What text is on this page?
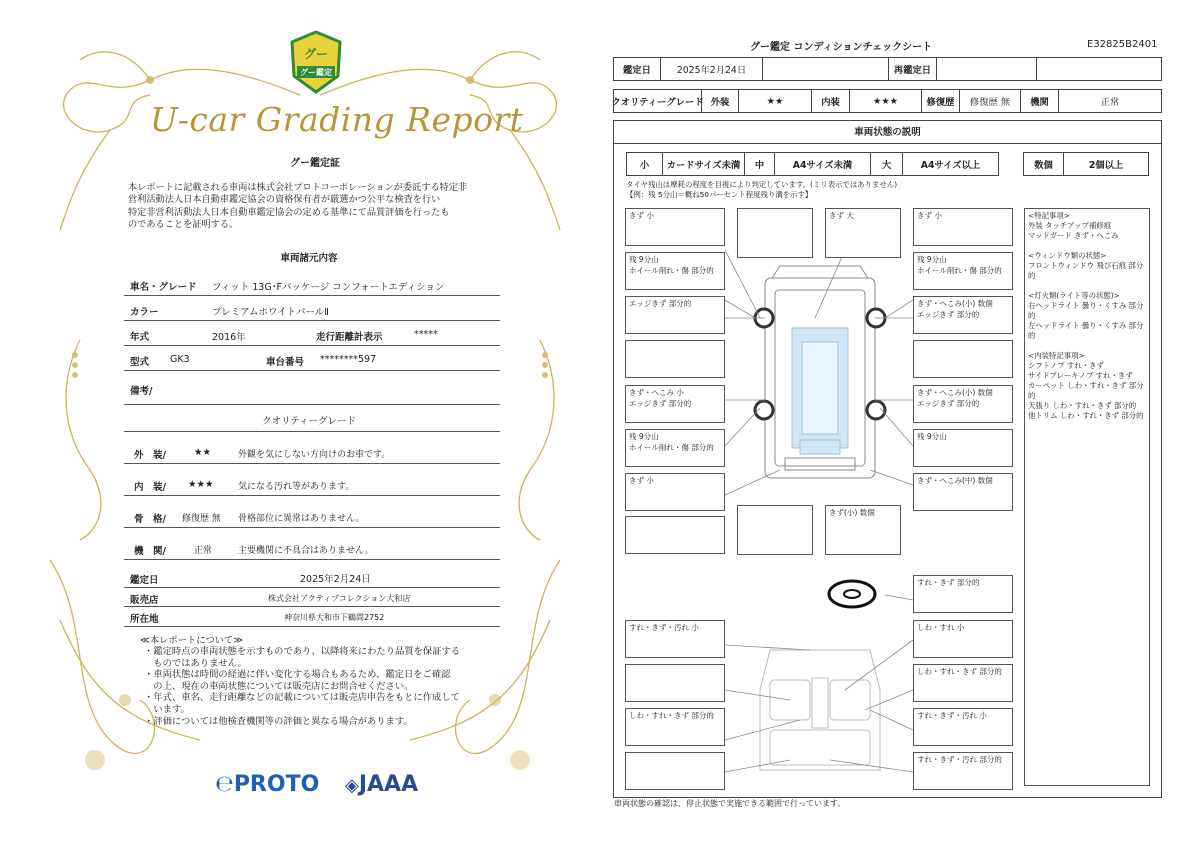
グー
グー鑑定
U-car Grading Report
グー鑑定証
本レポートに記載される車両は株式会社プロトコーポレーションが委託する特定非
営利活動法人日本自動車鑑定協会の資格保有者が厳選かつ公平な検査を行い
特定非営利活動法人日本自動車鑑定協会の定める基準にて品質評価を行ったも
のであることを証明する。
車両諸元内容
車名・グレード フィット 13G･Fパッケージ コンフォートエディション
カラー	プレミアムホワイトパールⅡ
年式	2016年	走行距離計表示	*****
型式 GK3	車台番号 ********597
備考/
クオリティーグレード
外　装/	★★	外観を気にしない方向けのお車です。
内　装/ ★★★	気になる汚れ等があります。
骨　格/ 修復歴 無 骨格部位に異常はありません。
機　関/	正常	主要機関に不具合はありません。
鑑定日	2025年2月24日
販売店	株式会社アクティブコレクション大和店
所在地	神奈川県大和市下鶴間2752
≪本レポートについて≫
・鑑定時点の車両状態を示すものであり、以降将来にわたり品質を保証する
　ものではありません。
・車両状態は時間の経過に伴い変化する場合もあるため、鑑定日をご確認
　の上、現在の車両状態については販売店にお問合せください。
・年式、車名、走行距離などの記載については販売店申告をもとに作成して
　います。
・評価については他検査機関等の評価と異なる場合があります。
℮PROTO ◈JAAA
グー鑑定 コンディションチェックシート	E32825B2401
鑑定日	2025年2月24日	再鑑定日
クオリティーグレード 外装	★★	内装	★★★	修復歴	修復歴 無	機関	正常
車両状態の説明
小	カードサイズ未満	中	A4サイズ未満	大	A4サイズ以上	数個	2個以上
タイヤ残山は摩耗の程度を目視により判定しています。(ミリ表示ではありません)
【例：残 5分山＝概ね50パーセント程度残り溝を示す】
きず 小	きず 大	きず 小
残 9分山
ホイール削れ・傷 部分的
残 9分山
ホイール削れ・傷 部分的
エッジきず 部分的	きず・へこみ(小) 数個
エッジきず 部分的
きず・へこみ 小
エッジきず 部分的
きず・へこみ(小) 数個
エッジきず 部分的
残 9分山
ホイール削れ・傷 部分的
残 9分山
きず 小	きず・へこみ(中) 数個
きず(小) 数個
すれ・きず 部分的
すれ・きず・汚れ 小	しわ・すれ 小
しわ・すれ・きず 部分的
しわ・すれ・きず 部分的	すれ・きず・汚れ 小
すれ・きず・汚れ 部分的
<特記事項>
外装 タッチアップ補修痕
マッドガード きず・へこみ

<ウィンドウ類の状態>
フロントウィンドウ 飛び石痕 部分的

<灯火類(ライト等の状態)>
右ヘッドライト 曇り・くすみ 部分的
左ヘッドライト 曇り・くすみ 部分的

<内装特記事項>
シフトノブ すれ・きず
サイドブレーキノブ すれ・きず
カーペット しわ・すれ・きず 部分的
天張り しわ・すれ・きず 部分的
他トリム しわ・すれ・きず 部分的
車両状態の確認は、停止状態で実施できる範囲で行っています。
